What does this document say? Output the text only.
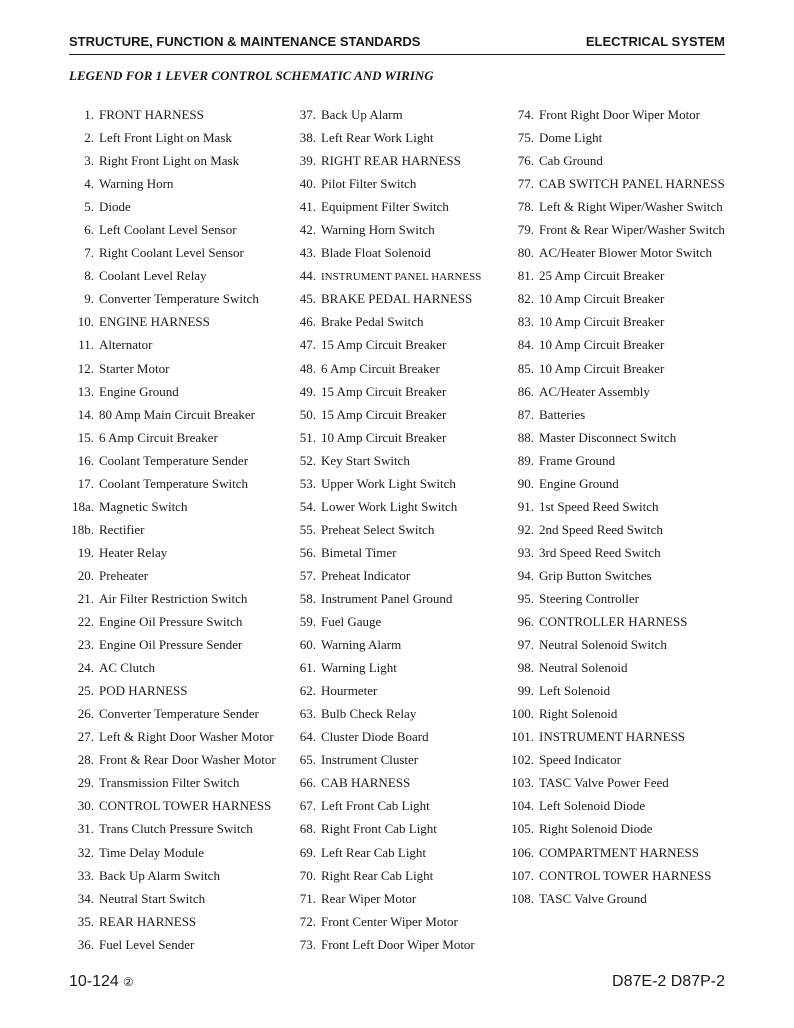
STRUCTURE, FUNCTION & MAINTENANCE STANDARDS	ELECTRICAL SYSTEM
LEGEND FOR 1 LEVER CONTROL SCHEMATIC AND WIRING
1. FRONT HARNESS
2. Left Front Light on Mask
3. Right Front Light on Mask
4. Warning Horn
5. Diode
6. Left Coolant Level Sensor
7. Right Coolant Level Sensor
8. Coolant Level Relay
9. Converter Temperature Switch
10. ENGINE HARNESS
11. Alternator
12. Starter Motor
13. Engine Ground
14. 80 Amp Main Circuit Breaker
15. 6 Amp Circuit Breaker
16. Coolant Temperature Sender
17. Coolant Temperature Switch
18a. Magnetic Switch
18b. Rectifier
19. Heater Relay
20. Preheater
21. Air Filter Restriction Switch
22. Engine Oil Pressure Switch
23. Engine Oil Pressure Sender
24. AC Clutch
25. POD HARNESS
26. Converter Temperature Sender
27. Left & Right Door Washer Motor
28. Front & Rear Door Washer Motor
29. Transmission Filter Switch
30. CONTROL TOWER HARNESS
31. Trans Clutch Pressure Switch
32. Time Delay Module
33. Back Up Alarm Switch
34. Neutral Start Switch
35. REAR HARNESS
36. Fuel Level Sender
37. Back Up Alarm
38. Left Rear Work Light
39. RIGHT REAR HARNESS
40. Pilot Filter Switch
41. Equipment Filter Switch
42. Warning Horn Switch
43. Blade Float Solenoid
44. INSTRUMENT PANEL HARNESS
45. BRAKE PEDAL HARNESS
46. Brake Pedal Switch
47. 15 Amp Circuit Breaker
48. 6 Amp Circuit Breaker
49. 15 Amp Circuit Breaker
50. 15 Amp Circuit Breaker
51. 10 Amp Circuit Breaker
52. Key Start Switch
53. Upper Work Light Switch
54. Lower Work Light Switch
55. Preheat Select Switch
56. Bimetal Timer
57. Preheat Indicator
58. Instrument Panel Ground
59. Fuel Gauge
60. Warning Alarm
61. Warning Light
62. Hourmeter
63. Bulb Check Relay
64. Cluster Diode Board
65. Instrument Cluster
66. CAB HARNESS
67. Left Front Cab Light
68. Right Front Cab Light
69. Left Rear Cab Light
70. Right Rear Cab Light
71. Rear Wiper Motor
72. Front Center Wiper Motor
73. Front Left Door Wiper Motor
74. Front Right Door Wiper Motor
75. Dome Light
76. Cab Ground
77. CAB SWITCH PANEL HARNESS
78. Left & Right Wiper/Washer Switch
79. Front & Rear Wiper/Washer Switch
80. AC/Heater Blower Motor Switch
81. 25 Amp Circuit Breaker
82. 10 Amp Circuit Breaker
83. 10 Amp Circuit Breaker
84. 10 Amp Circuit Breaker
85. 10 Amp Circuit Breaker
86. AC/Heater Assembly
87. Batteries
88. Master Disconnect Switch
89. Frame Ground
90. Engine Ground
91. 1st Speed Reed Switch
92. 2nd Speed Reed Switch
93. 3rd Speed Reed Switch
94. Grip Button Switches
95. Steering Controller
96. CONTROLLER HARNESS
97. Neutral Solenoid Switch
98. Neutral Solenoid
99. Left Solenoid
100. Right Solenoid
101. INSTRUMENT HARNESS
102. Speed Indicator
103. TASC Valve Power Feed
104. Left Solenoid Diode
105. Right Solenoid Diode
106. COMPARTMENT HARNESS
107. CONTROL TOWER HARNESS
108. TASC Valve Ground
10-124 ②	D87E-2 D87P-2
